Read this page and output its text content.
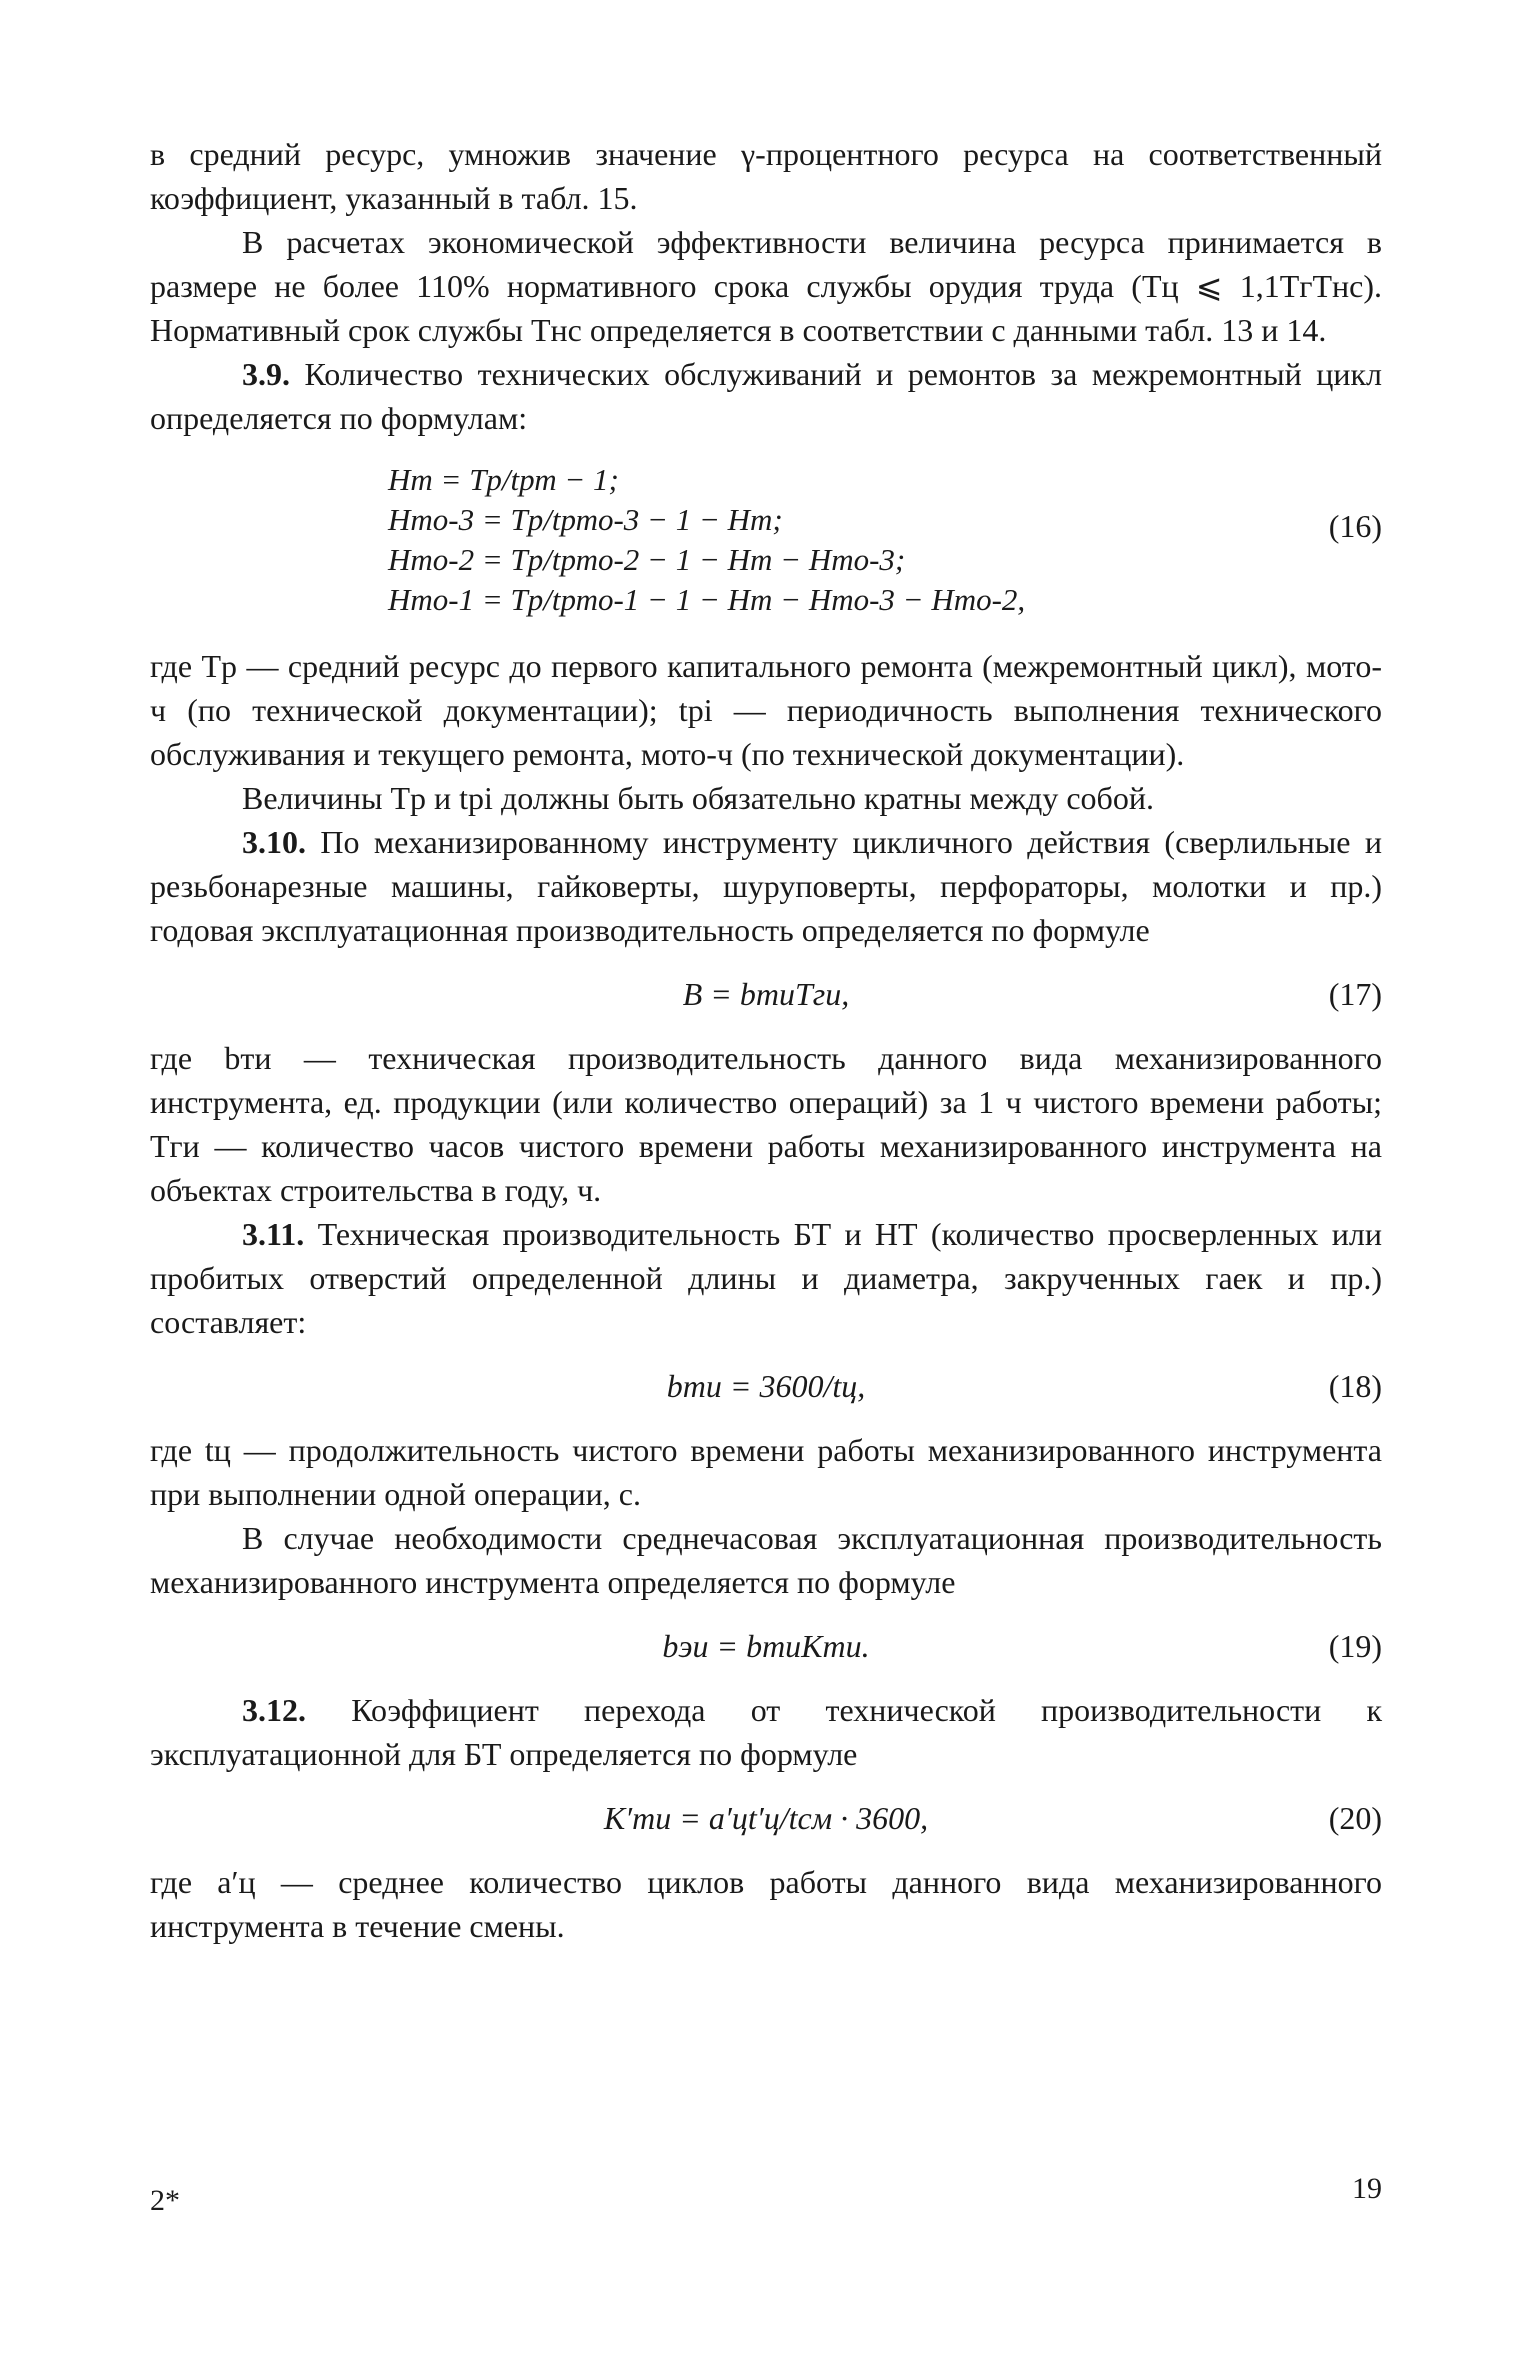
в средний ресурс, умножив значение γ-процентного ресурса на соответственный коэффициент, указанный в табл. 15.

В расчетах экономической эффективности величина ресурса принимается в размере не более 110% нормативного срока службы орудия труда (Tц ⩽ 1,1TгTнс). Нормативный срок службы Tнс определяется в соответствии с данными табл. 13 и 14.

3.9. Количество технических обслуживаний и ремонтов за межремонтный цикл определяется по формулам:

Hт = Tр/tрт − 1;
Hто-3 = Tр/tрто-3 − 1 − Hт;
Hто-2 = Tр/tрто-2 − 1 − Hт − Hто-3;
Hто-1 = Tр/tрто-1 − 1 − Hт − Hто-3 − Hто-2,
(16)

где Tр — средний ресурс до первого капитального ремонта (межремонтный цикл), мото-ч (по технической документации); tрi — периодичность выполнения технического обслуживания и текущего ремонта, мото-ч (по технической документации).

Величины Tр и tрi должны быть обязательно кратны между собой.

3.10. По механизированному инструменту цикличного действия (сверлильные и резьбонарезные машины, гайковерты, шуруповерты, перфораторы, молотки и пр.) годовая эксплуатационная производительность определяется по формуле

B = bтиTги,	(17)

где bти — техническая производительность данного вида механизированного инструмента, ед. продукции (или количество операций) за 1 ч чистого времени работы; Tги — количество часов чистого времени работы механизированного инструмента на объектах строительства в году, ч.

3.11. Техническая производительность БТ и НТ (количество просверленных или пробитых отверстий определенной длины и диаметра, закрученных гаек и пр.) составляет:

bти = 3600/tц,	(18)

где tц — продолжительность чистого времени работы механизированного инструмента при выполнении одной операции, с.

В случае необходимости среднечасовая эксплуатационная производительность механизированного инструмента определяется по формуле

bэи = bтиKти.	(19)

3.12. Коэффициент перехода от технической производительности к эксплуатационной для БТ определяется по формуле

K′ти = a′цt′ц/tсм · 3600,	(20)

где a′ц — среднее количество циклов работы данного вида механизированного инструмента в течение смены.

2*	19
